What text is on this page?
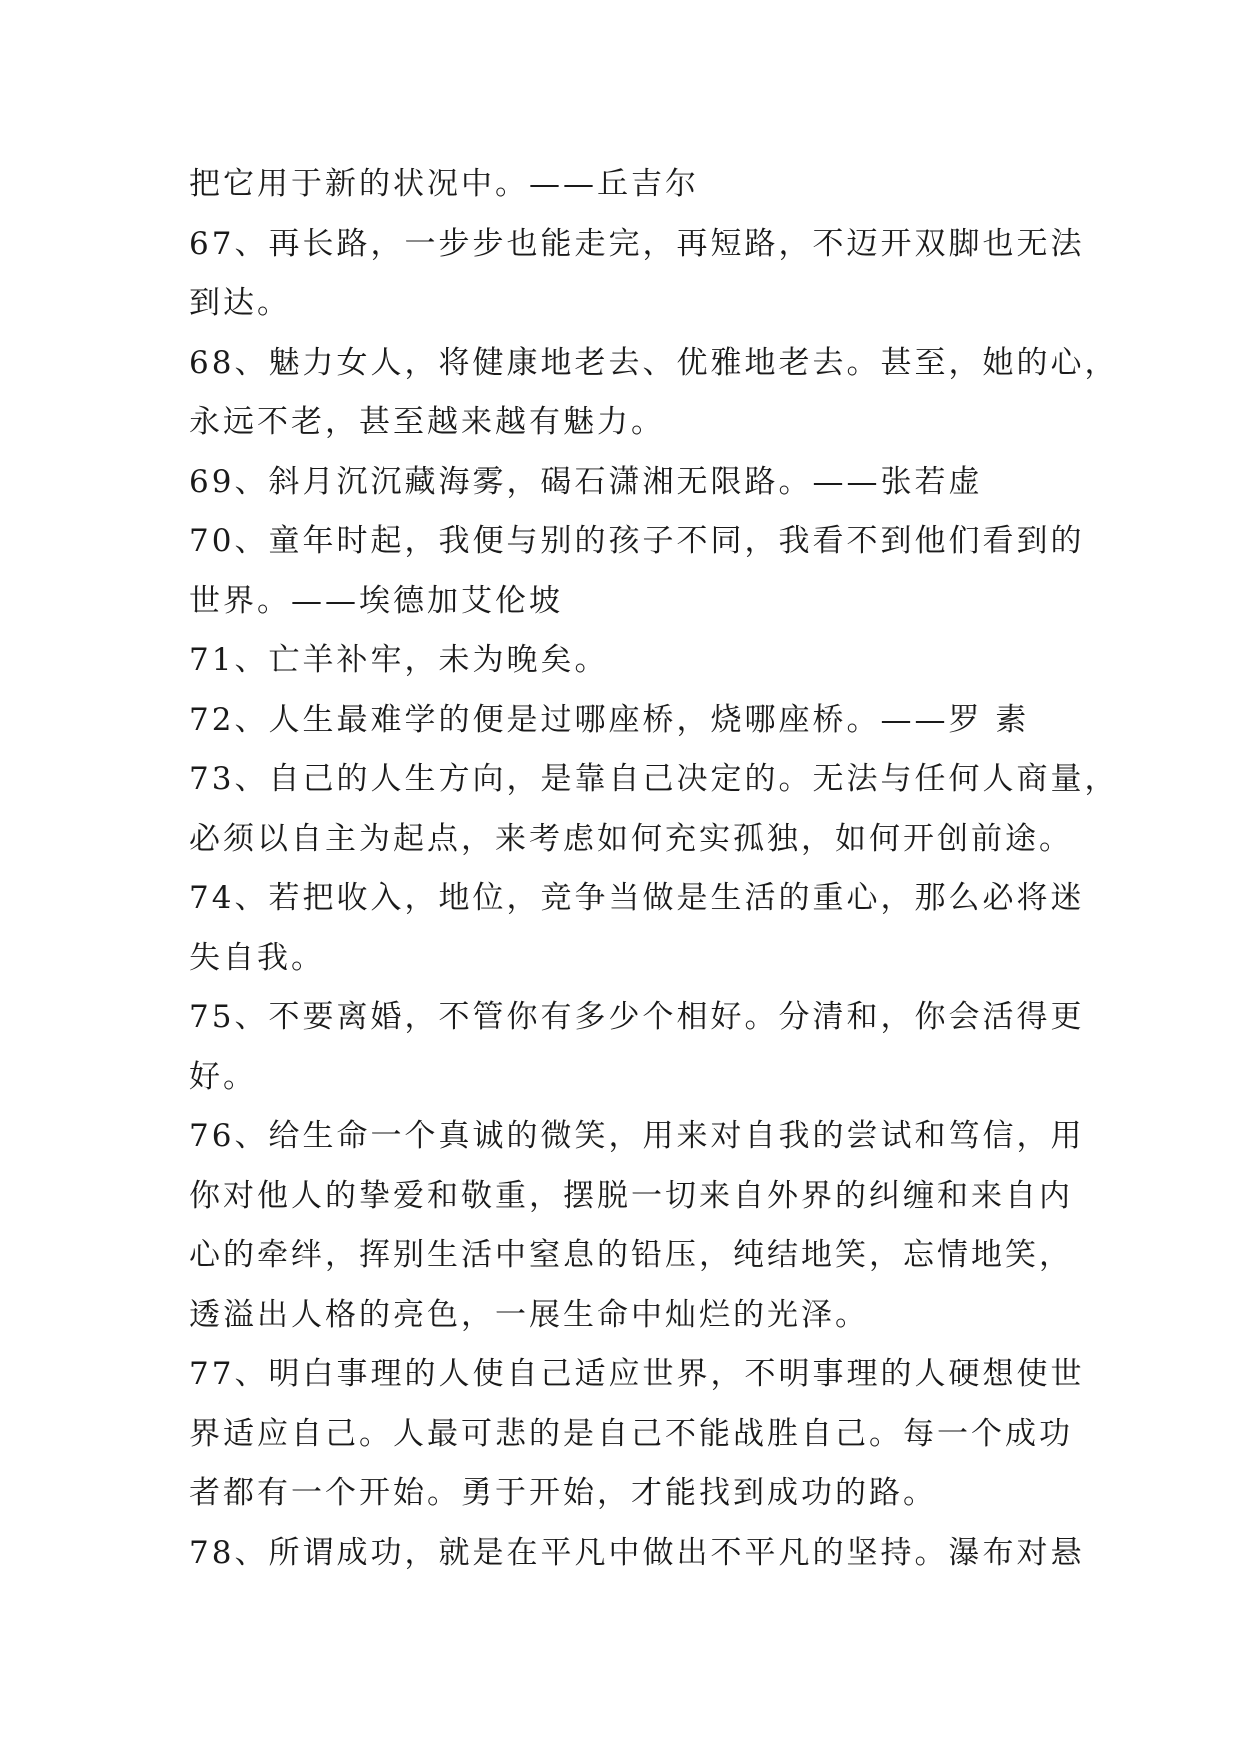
把它用于新的状况中。——丘吉尔
67、再长路，一步步也能走完，再短路，不迈开双脚也无法
到达。
68、魅力女人，将健康地老去、优雅地老去。甚至，她的心，
永远不老，甚至越来越有魅力。
69、斜月沉沉藏海雾，碣石潇湘无限路。——张若虚
70、童年时起，我便与别的孩子不同，我看不到他们看到的
世界。——埃德加艾伦坡
71、亡羊补牢，未为晚矣。
72、人生最难学的便是过哪座桥，烧哪座桥。——罗 素
73、自己的人生方向，是靠自己决定的。无法与任何人商量，
必须以自主为起点，来考虑如何充实孤独，如何开创前途。
74、若把收入，地位，竞争当做是生活的重心，那么必将迷
失自我。
75、不要离婚，不管你有多少个相好。分清和，你会活得更
好。
76、给生命一个真诚的微笑，用来对自我的尝试和笃信，用
你对他人的挚爱和敬重，摆脱一切来自外界的纠缠和来自内
心的牵绊，挥别生活中窒息的铅压，纯结地笑，忘情地笑，
透溢出人格的亮色，一展生命中灿烂的光泽。
77、明白事理的人使自己适应世界，不明事理的人硬想使世
界适应自己。人最可悲的是自己不能战胜自己。每一个成功
者都有一个开始。勇于开始，才能找到成功的路。
78、所谓成功，就是在平凡中做出不平凡的坚持。瀑布对悬
